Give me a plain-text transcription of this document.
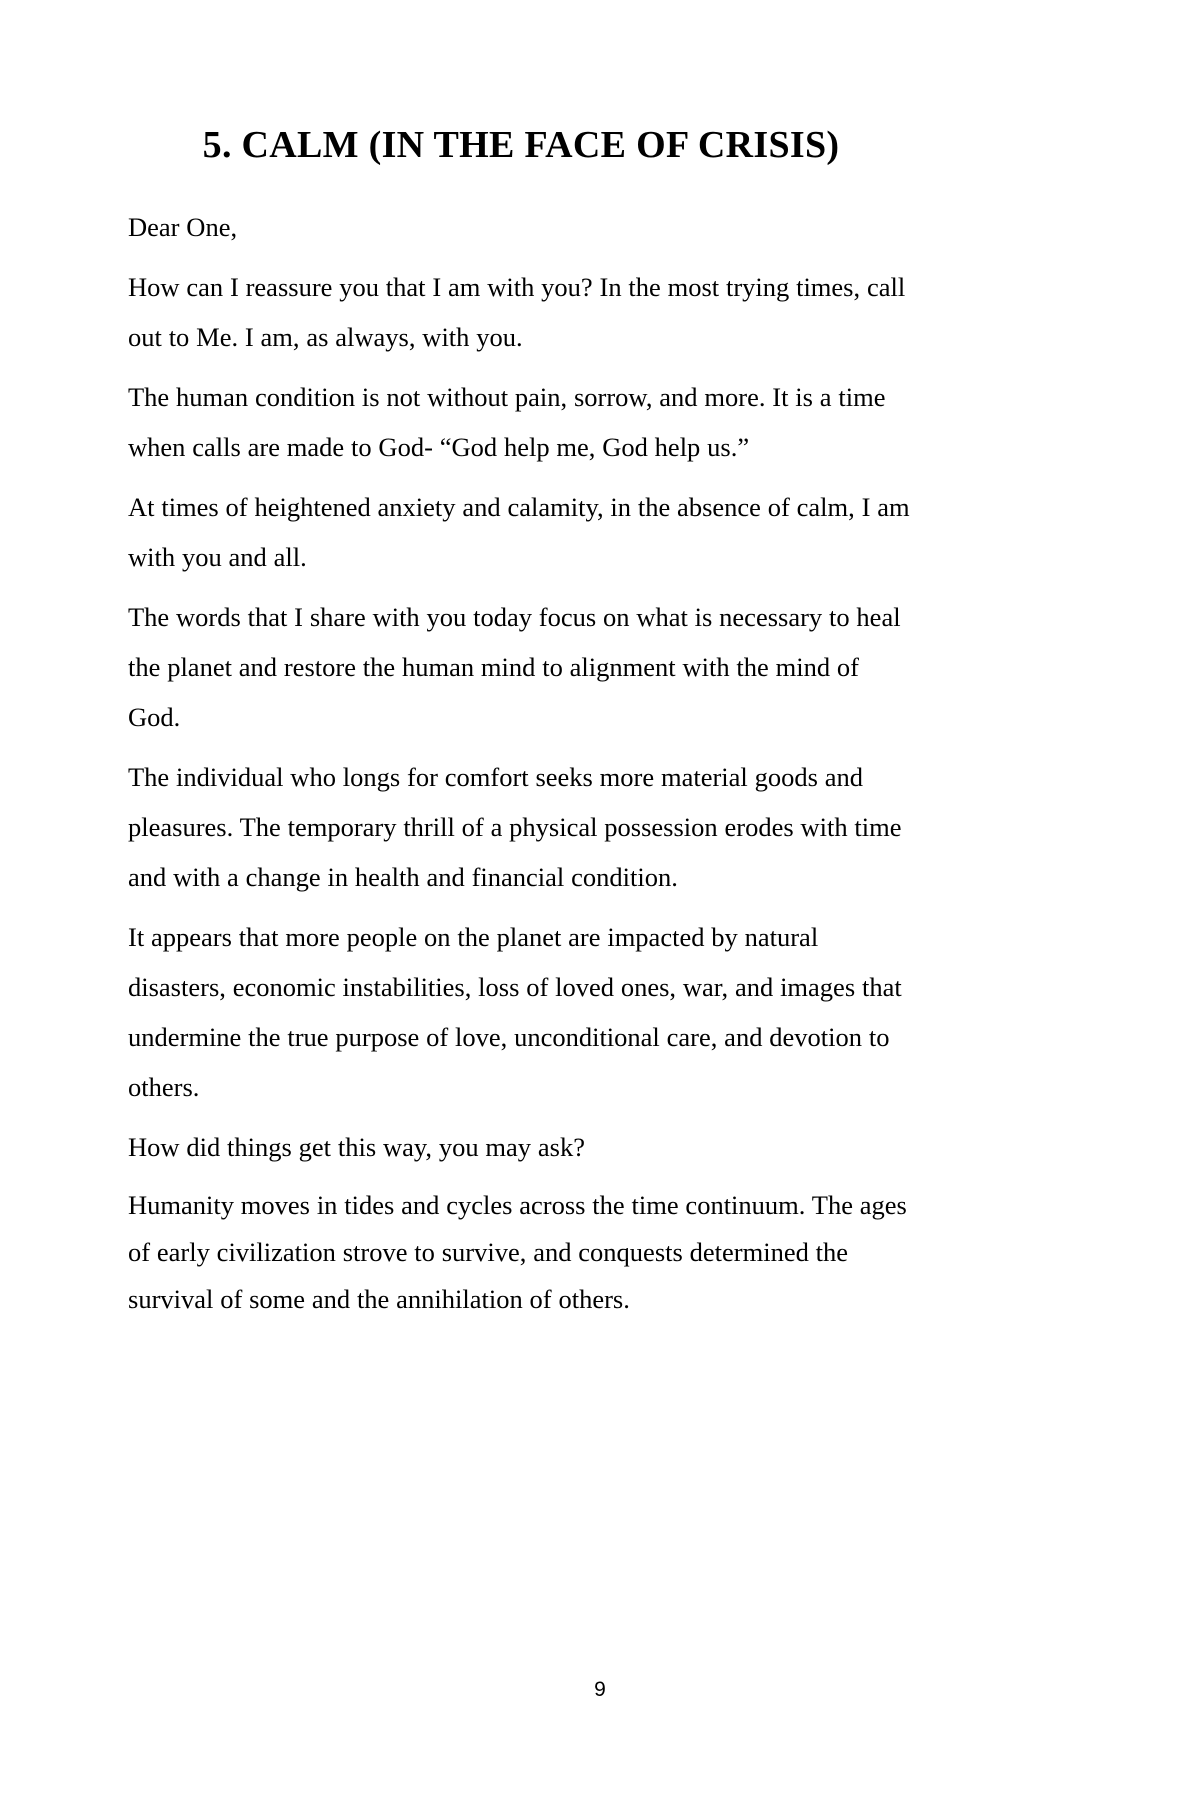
5. CALM (IN THE FACE OF CRISIS)

Dear One,

How can I reassure you that I am with you? In the most trying times, call out to Me. I am, as always, with you.

The human condition is not without pain, sorrow, and more. It is a time when calls are made to God- “God help me, God help us.”

At times of heightened anxiety and calamity, in the absence of calm, I am with you and all.

The words that I share with you today focus on what is necessary to heal the planet and restore the human mind to alignment with the mind of God.

The individual who longs for comfort seeks more material goods and pleasures. The temporary thrill of a physical possession erodes with time and with a change in health and financial condition.

It appears that more people on the planet are impacted by natural disasters, economic instabilities, loss of loved ones, war, and images that undermine the true purpose of love, unconditional care, and devotion to others.

How did things get this way, you may ask?

Humanity moves in tides and cycles across the time continuum. The ages of early civilization strove to survive, and conquests determined the survival of some and the annihilation of others.

9
